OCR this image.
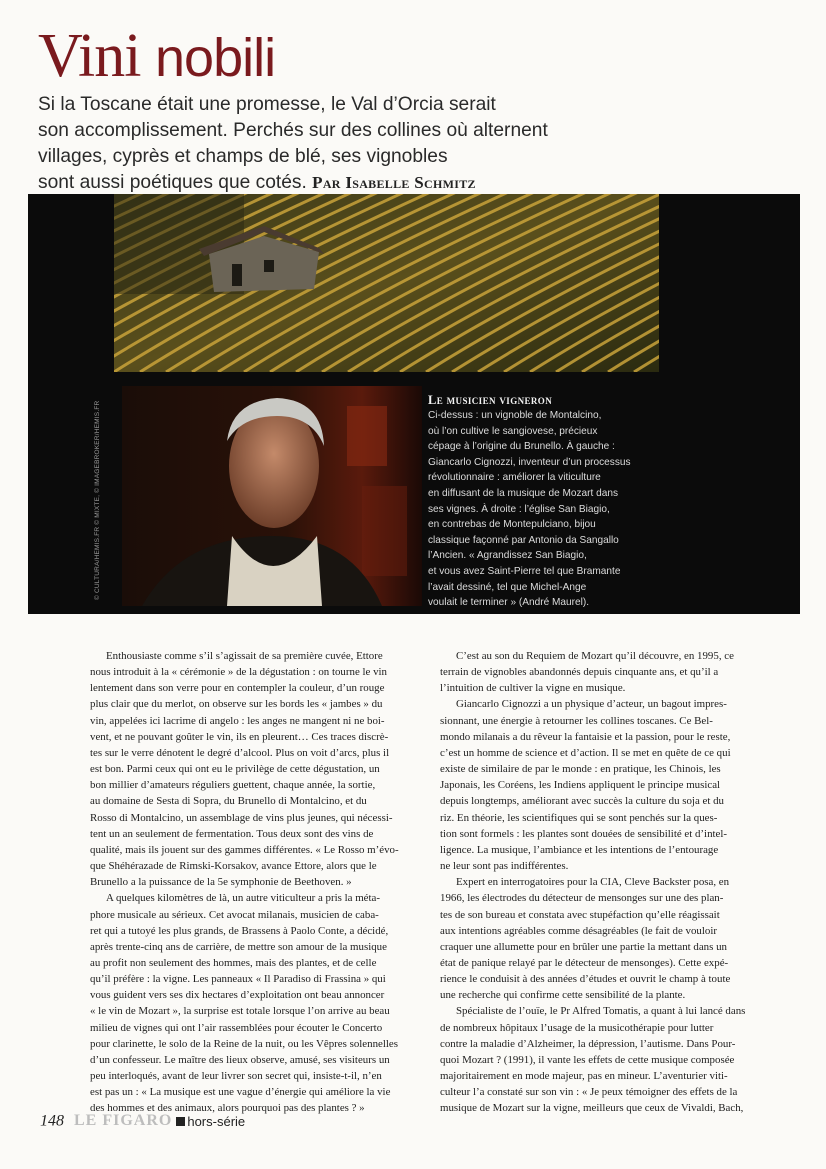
Vini nobili
Si la Toscane était une promesse, le Val d’Orcia serait
son accomplissement. Perchés sur des collines où alternent
villages, cyprès et champs de blé, ses vignobles
sont aussi poétiques que cotés. Par Isabelle Schmitz
© CULTURA/HEMIS.FR © MIXTE, © IMAGEBROKER/HEMIS.FR
Le musicien vigneron
Ci-dessus : un vignoble de Montalcino,
où l’on cultive le sangiovese, précieux
cépage à l’origine du Brunello. À gauche :
Giancarlo Cignozzi, inventeur d’un processus
révolutionnaire : améliorer la viticulture
en diffusant de la musique de Mozart dans
ses vignes. À droite : l’église San Biagio,
en contrebas de Montepulciano, bijou
classique façonné par Antonio da Sangallo
l’Ancien. « Agrandissez San Biagio,
et vous avez Saint-Pierre tel que Bramante
l’avait dessiné, tel que Michel-Ange
voulait le terminer » (André Maurel).
Enthousiaste comme s’il s’agissait de sa première cuvée, Ettore
nous introduit à la « cérémonie » de la dégustation : on tourne le vin
lentement dans son verre pour en contempler la couleur, d’un rouge
plus clair que du merlot, on observe sur les bords les « jambes » du
vin, appelées ici lacrime di angelo : les anges ne mangent ni ne boi-
vent, et ne pouvant goûter le vin, ils en pleurent… Ces traces discrè-
tes sur le verre dénotent le degré d’alcool. Plus on voit d’arcs, plus il
est bon. Parmi ceux qui ont eu le privilège de cette dégustation, un
bon millier d’amateurs réguliers guettent, chaque année, la sortie,
au domaine de Sesta di Sopra, du Brunello di Montalcino, et du
Rosso di Montalcino, un assemblage de vins plus jeunes, qui nécessi-
tent un an seulement de fermentation. Tous deux sont des vins de
qualité, mais ils jouent sur des gammes différentes. « Le Rosso m’évo-
que Shéhérazade de Rimski-Korsakov, avance Ettore, alors que le
Brunello a la puissance de la 5e symphonie de Beethoven. »
A quelques kilomètres de là, un autre viticulteur a pris la méta-
phore musicale au sérieux. Cet avocat milanais, musicien de caba-
ret qui a tutoyé les plus grands, de Brassens à Paolo Conte, a décidé,
après trente-cinq ans de carrière, de mettre son amour de la musique
au profit non seulement des hommes, mais des plantes, et de celle
qu’il préfère : la vigne. Les panneaux « Il Paradiso di Frassina » qui
vous guident vers ses dix hectares d’exploitation ont beau annoncer
« le vin de Mozart », la surprise est totale lorsque l’on arrive au beau
milieu de vignes qui ont l’air rassemblées pour écouter le Concerto
pour clarinette, le solo de la Reine de la nuit, ou les Vêpres solennelles
d’un confesseur. Le maître des lieux observe, amusé, ses visiteurs un
peu interloqués, avant de leur livrer son secret qui, insiste-t-il, n’en
est pas un : « La musique est une vague d’énergie qui améliore la vie
des hommes et des animaux, alors pourquoi pas des plantes ? »
C’est au son du Requiem de Mozart qu’il découvre, en 1995, ce
terrain de vignobles abandonnés depuis cinquante ans, et qu’il a
l’intuition de cultiver la vigne en musique.
Giancarlo Cignozzi a un physique d’acteur, un bagout impres-
sionnant, une énergie à retourner les collines toscanes. Ce Bel-
mondo milanais a du rêveur la fantaisie et la passion, pour le reste,
c’est un homme de science et d’action. Il se met en quête de ce qui
existe de similaire de par le monde : en pratique, les Chinois, les
Japonais, les Coréens, les Indiens appliquent le principe musical
depuis longtemps, améliorant avec succès la culture du soja et du
riz. En théorie, les scientifiques qui se sont penchés sur la ques-
tion sont formels : les plantes sont douées de sensibilité et d’intel-
ligence. La musique, l’ambiance et les intentions de l’entourage
ne leur sont pas indifférentes.
Expert en interrogatoires pour la CIA, Cleve Backster posa, en
1966, les électrodes du détecteur de mensonges sur une des plan-
tes de son bureau et constata avec stupéfaction qu’elle réagissait
aux intentions agréables comme désagréables (le fait de vouloir
craquer une allumette pour en brûler une partie la mettant dans un
état de panique relayé par le détecteur de mensonges). Cette expé-
rience le conduisit à des années d’études et ouvrit le champ à toute
une recherche qui confirme cette sensibilité de la plante.
Spécialiste de l’ouïe, le Pr Alfred Tomatis, a quant à lui lancé dans
de nombreux hôpitaux l’usage de la musicothérapie pour lutter
contre la maladie d’Alzheimer, la dépression, l’autisme. Dans Pour-
quoi Mozart ? (1991), il vante les effets de cette musique composée
majoritairement en mode majeur, pas en mineur. L’aventurier viti-
culteur l’a constaté sur son vin : « Je peux témoigner des effets de la
musique de Mozart sur la vigne, meilleurs que ceux de Vivaldi, Bach,
148 LE FIGARO hors-série
